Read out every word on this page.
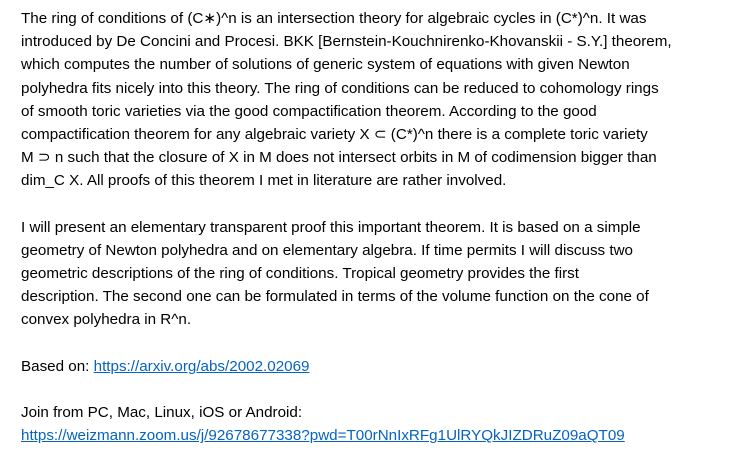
The ring of conditions of (C∗)^n is an intersection theory for algebraic cycles in (C*)^n. It was
introduced by De Concini and Procesi. BKK [Bernstein-Kouchnirenko-Khovanskii - S.Y.] theorem,
which computes the number of solutions of generic system of equations with given Newton
polyhedra fits nicely into this theory. The ring of conditions can be reduced to cohomology rings
of smooth toric varieties via the good compactification theorem. According to the good
compactification theorem for any algebraic variety X ⊂ (C*)^n there is a complete toric variety
M ⊃ n such that the closure of X in M does not intersect orbits in M of codimension bigger than
dim_C X. All proofs of this theorem I met in literature are rather involved.
I will present an elementary transparent proof this important theorem. It is based on a simple
geometry of Newton polyhedra and on elementary algebra. If time permits I will discuss two
geometric descriptions of the ring of conditions. Tropical geometry provides the first
description. The second one can be formulated in terms of the volume function on the cone of
convex polyhedra in R^n.
Based on: https://arxiv.org/abs/2002.02069
Join from PC, Mac, Linux, iOS or Android:
https://weizmann.zoom.us/j/92678677338?pwd=T00rNnIxRFg1UlRYQkJIZDRuZ09aQT09
